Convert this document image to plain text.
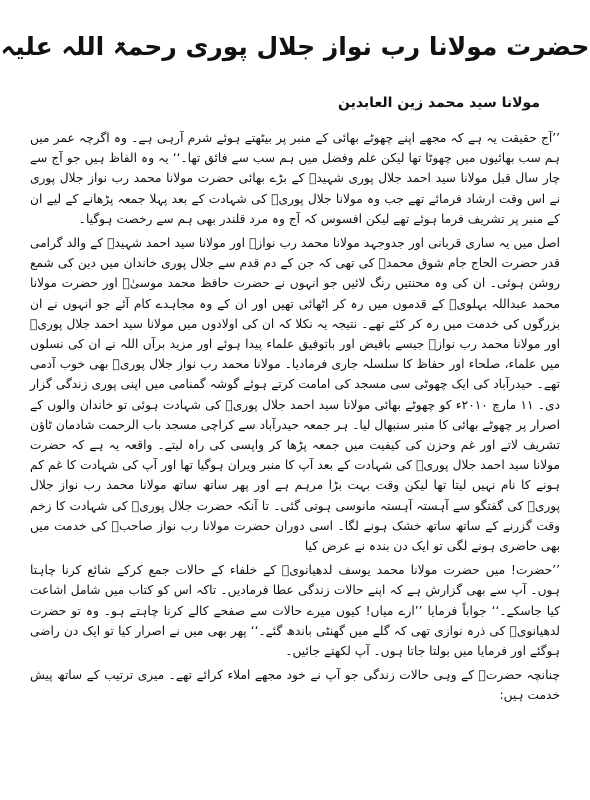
حضرت مولانا رب نواز جلال پوری رحمۃ اللہ علیہ
مولانا سید محمد زین العابدین

’’آج حقیقت یہ ہے کہ مجھے اپنے چھوٹے بھائی کے منبر پر بیٹھتے ہوئے شرم آرہی ہے۔ وہ اگرچہ عمر میں ہم سب بھائیوں میں چھوٹا تھا لیکن علم وفضل میں ہم سب سے فائق تھا۔‘‘ یہ وہ الفاظ ہیں جو آج سے چار سال قبل مولانا سید احمد جلال پوری شہیدؒ کے بڑے بھائی حضرت مولانا محمد رب نواز جلال پوری نے اس وقت ارشاد فرمائے تھے جب وہ مولانا جلال پوریؒ کی شہادت کے بعد پہلا جمعہ پڑھانے کے لیے ان کے منبر پر تشریف فرما ہوئے تھے لیکن افسوس کہ آج وہ مرد قلندر بھی ہم سے رخصت ہوگیا۔

اصل میں یہ ساری قربانی اور جدوجہد مولانا محمد رب نوازؒ اور مولانا سید احمد شہیدؒ کے والد گرامی قدر حضرت الحاج جام شوق محمدؒ کی تھی کہ جن کے دم قدم سے جلال پوری خاندان میں دین کی شمع روشن ہوئی۔ ان کی وہ محنتیں رنگ لائیں جو انہوں نے حضرت حافظ محمد موسیٰؒ اور حضرت مولانا محمد عبداللہ بہلویؒ کے قدموں میں رہ کر اٹھائی تھیں اور ان کے وہ مجاہدے کام آئے جو انہوں نے ان بزرگوں کی خدمت میں رہ کر کئے تھے۔ نتیجہ یہ نکلا کہ ان کی اولادوں میں مولانا سید احمد جلال پوریؒ اور مولانا محمد رب نوازؒ جیسے بافیض اور باتوفیق علماء پیدا ہوئے اور مزید برآں اللہ نے ان کی نسلوں میں علماء، صلحاء اور حفاظ کا سلسلہ جاری فرمادیا۔ مولانا محمد رب نواز جلال پوریؒ بھی خوب آدمی تھے۔ حیدرآباد کی ایک چھوٹی سی مسجد کی امامت کرتے ہوئے گوشہ گمنامی میں اپنی پوری زندگی گزار دی۔ ۱۱ مارچ ۲۰۱۰ء کو چھوٹے بھائی مولانا سید احمد جلال پوریؒ کی شہادت ہوئی تو خاندان والوں کے اصرار پر چھوٹے بھائی کا منبر سنبھال لیا۔ ہر جمعہ حیدرآباد سے کراچی مسجد باب الرحمت شادمان ٹاؤن تشریف لاتے اور غم وحزن کی کیفیت میں جمعہ پڑھا کر واپسی کی راہ لیتے۔ واقعہ یہ ہے کہ حضرت مولانا سید احمد جلال پوریؒ کی شہادت کے بعد آپ کا منبر ویران ہوگیا تھا اور آپ کی شہادت کا غم کم ہونے کا نام نہیں لیتا تھا لیکن وقت بہت بڑا مرہم ہے اور پھر ساتھ ساتھ مولانا محمد رب نواز جلال پوریؒ کی گفتگو سے آہستہ آہستہ مانوسی ہوتی گئی۔ تا آنکہ حضرت جلال پوریؒ کی شہادت کا زخم وقت گزرنے کے ساتھ ساتھ خشک ہونے لگا۔ اسی دوران حضرت مولانا رب نواز صاحبؒ کی خدمت میں بھی حاضری ہونے لگی تو ایک دن بندہ نے عرض کیا

’’حضرت! میں حضرت مولانا محمد یوسف لدھیانویؒ کے خلفاء کے حالات جمع کرکے شائع کرنا چاہتا ہوں۔ آپ سے بھی گزارش ہے کہ اپنے حالات زندگی عطا فرمادیں۔ تاکہ اس کو کتاب میں شامل اشاعت کیا جاسکے۔‘‘ جواباً فرمایا ’’ارے میاں! کیوں میرے حالات سے صفحے کالے کرنا چاہتے ہو۔ وہ تو حضرت لدھیانویؒ کی ذرہ نوازی تھی کہ گلے میں گھنٹی باندھ گئے۔‘‘ پھر بھی میں نے اصرار کیا تو ایک دن راضی ہوگئے اور فرمایا میں بولتا جاتا ہوں۔ آپ لکھتے جائیں۔

چنانچہ حضرتؒ کے وہی حالات زندگی جو آپ نے خود مجھے املاء کرائے تھے۔ میری ترتیب کے ساتھ پیش خدمت ہیں:
